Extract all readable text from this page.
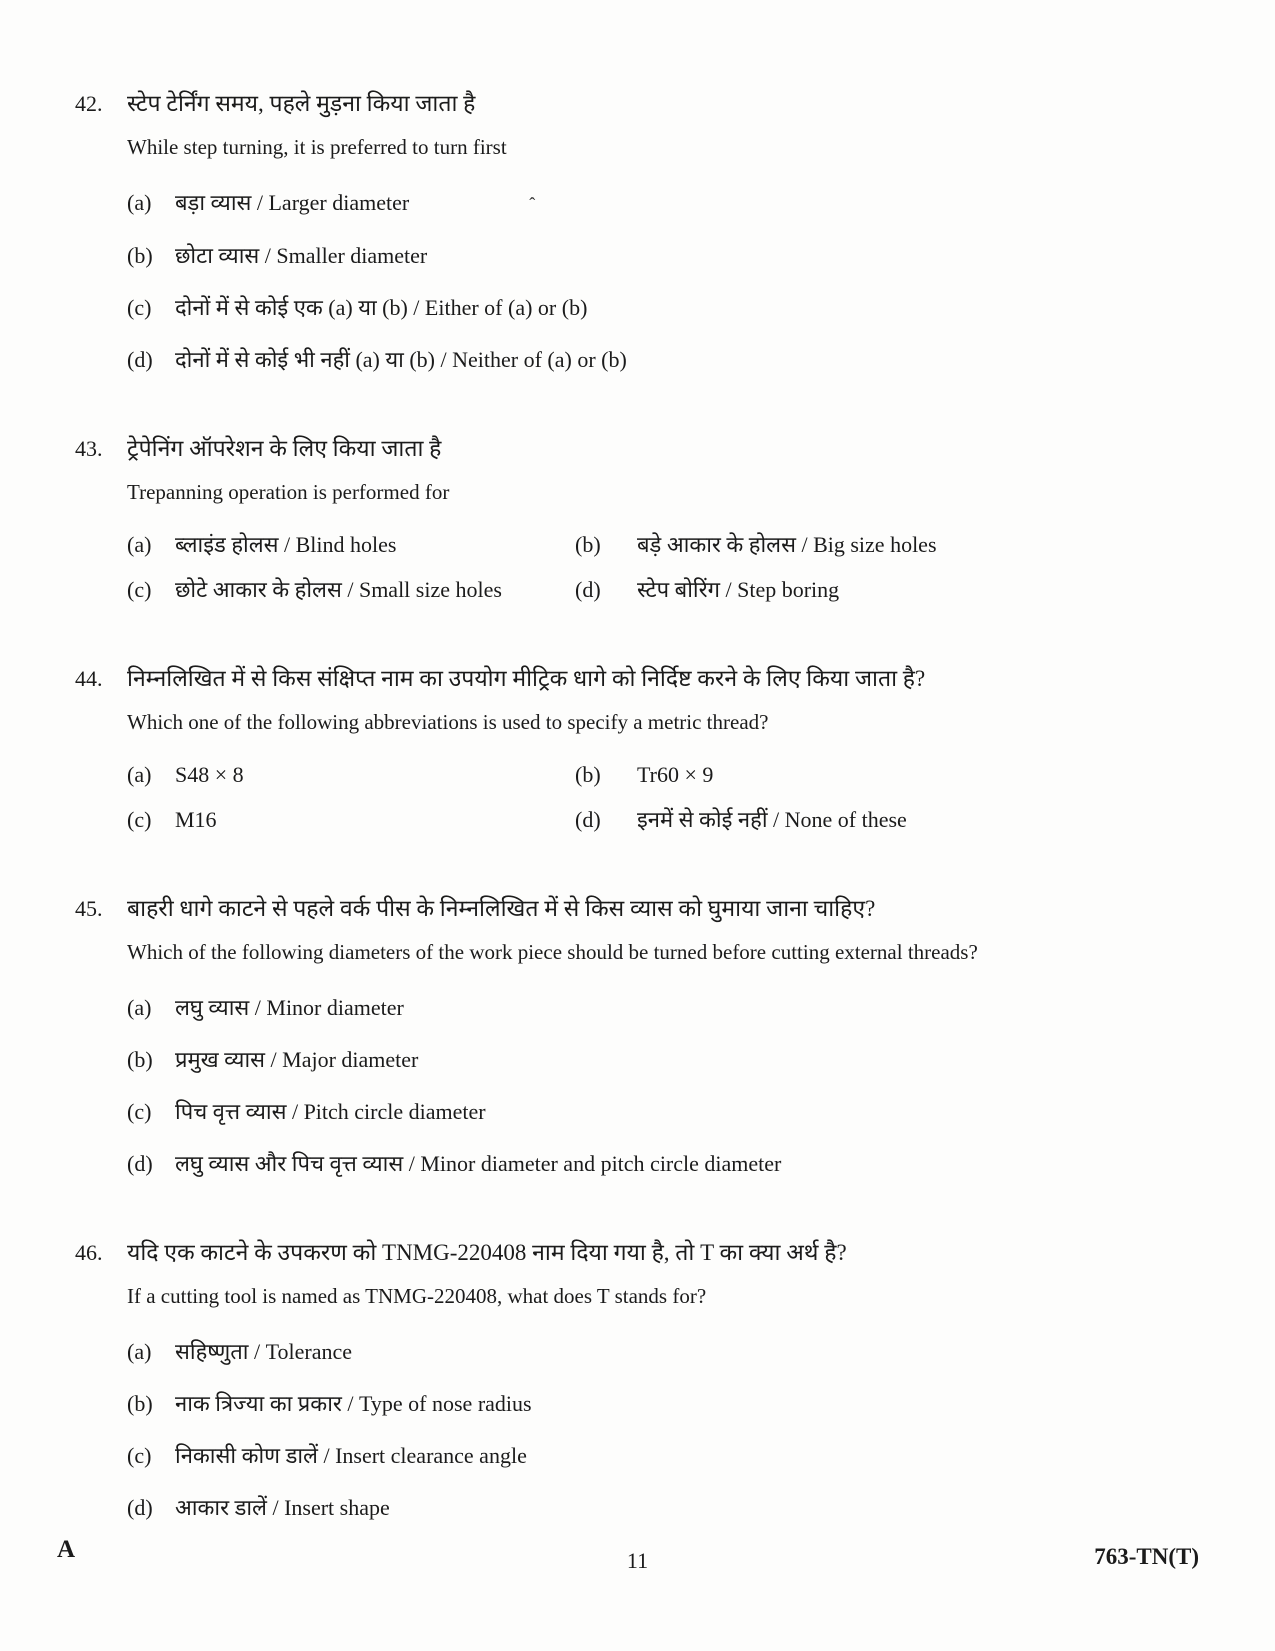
42.	स्टेप टेर्निंग समय, पहले मुड़ना किया जाता है
While step turning, it is preferred to turn first
(a)	बड़ा व्यास / Larger diameter	ˆ
(b)	छोटा व्यास / Smaller diameter
(c)	दोनों में से कोई एक (a) या (b) / Either of (a) or (b)
(d)	दोनों में से कोई भी नहीं (a) या (b) / Neither of (a) or (b)
43.	ट्रेपेनिंग ऑपरेशन के लिए किया जाता है
Trepanning operation is performed for
(a)	ब्लाइंड होलस / Blind holes	(b)	बड़े आकार के होलस / Big size holes
(c)	छोटे आकार के होलस / Small size holes	(d)	स्टेप बोरिंग / Step boring
44.	निम्नलिखित में से किस संक्षिप्त नाम का उपयोग मीट्रिक धागे को निर्दिष्ट करने के लिए किया जाता है?
Which one of the following abbreviations is used to specify a metric thread?
(a)	S48 × 8	(b)	Tr60 × 9
(c)	M16	(d)	इनमें से कोई नहीं / None of these
45.	बाहरी धागे काटने से पहले वर्क पीस के निम्नलिखित में से किस व्यास को घुमाया जाना चाहिए?
Which of the following diameters of the work piece should be turned before cutting external threads?
(a)	लघु व्यास / Minor diameter
(b)	प्रमुख व्यास / Major diameter
(c)	पिच वृत्त व्यास / Pitch circle diameter
(d)	लघु व्यास और पिच वृत्त व्यास / Minor diameter and pitch circle diameter
46.	यदि एक काटने के उपकरण को TNMG-220408 नाम दिया गया है, तो T का क्या अर्थ है?
If a cutting tool is named as TNMG-220408, what does T stands for?
(a)	सहिष्णुता / Tolerance
(b)	नाक त्रिज्या का प्रकार / Type of nose radius
(c)	निकासी कोण डालें / Insert clearance angle
(d)	आकार डालें / Insert shape
A	11	763-TN(T)
